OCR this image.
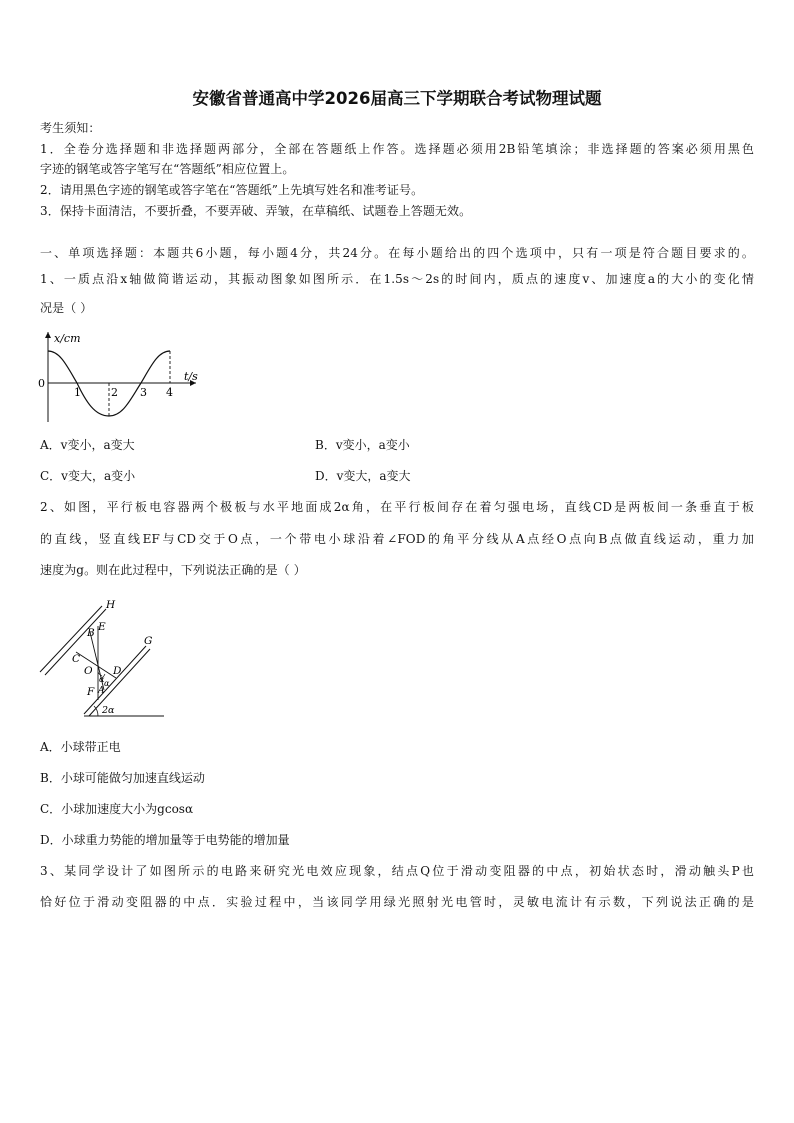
安徽省普通高中学2026届高三下学期联合考试物理试题
考生须知：
1．全卷分选择题和非选择题两部分，全部在答题纸上作答。选择题必须用2B铅笔填涂；非选择题的答案必须用黑色
字迹的钢笔或答字笔写在“答题纸”相应位置上。
2．请用黑色字迹的钢笔或答字笔在“答题纸”上先填写姓名和准考证号。
3．保持卡面清洁，不要折叠，不要弄破、弄皱，在草稿纸、试题卷上答题无效。
一、单项选择题：本题共6小题，每小题4分，共24分。在每小题给出的四个选项中，只有一项是符合题目要求的。
1、一质点沿x轴做简谐运动，其振动图象如图所示．在1.5s～2s的时间内，质点的速度v、加速度a的大小的变化情
况是（ ）
x/cm
t/s
0
1	2 3 4
A．v变小，a变大	B．v变小，a变小
C．v变大，a变小	D．v变大，a变大
2、如图，平行板电容器两个极板与水平地面成2α角，在平行板间存在着匀强电场，直线CD是两板间一条垂直于板
的直线，竖直线EF与CD交于O点，一个带电小球沿着∠FOD的角平分线从A点经O点向B点做直线运动，重力加
速度为g。则在此过程中，下列说法正确的是（ ）
H
G
B E
C
O D
F A
α α
2α
A．小球带正电
B．小球可能做匀加速直线运动
C．小球加速度大小为gcosα
D．小球重力势能的增加量等于电势能的增加量
3、某同学设计了如图所示的电路来研究光电效应现象，结点Q位于滑动变阻器的中点，初始状态时，滑动触头P也
恰好位于滑动变阻器的中点．实验过程中，当该同学用绿光照射光电管时，灵敏电流计有示数，下列说法正确的是
